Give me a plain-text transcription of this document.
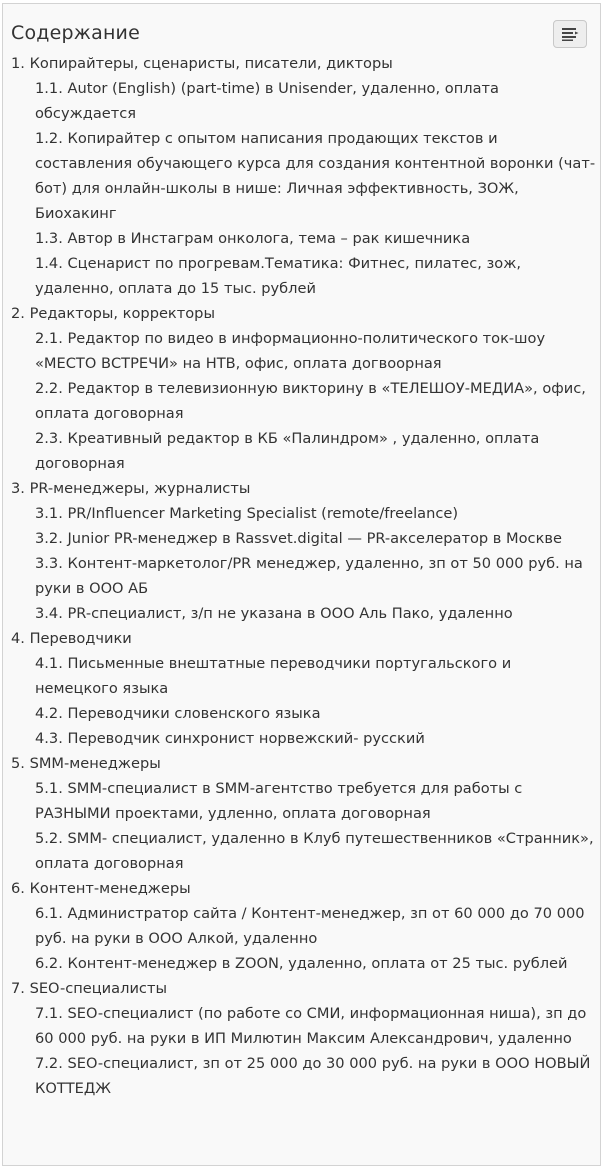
Содержание
1. Копирайтеры, сценаристы, писатели, дикторы
1.1. Autor (English) (part-time) в Unisender, удаленно, оплата обсуждается
1.2. Копирайтер с опытом написания продающих текстов и составления обучающего курса для создания контентной воронки (чат-бот) для онлайн-школы в нише: Личная эффективность, ЗОЖ, Биохакинг
1.3. Автор в Инстаграм онколога, тема – рак кишечника
1.4. Сценарист по прогревам.Тематика: Фитнес, пилатес, зож, удаленно, оплата до 15 тыс. рублей
2. Редакторы, корректоры
2.1. Редактор по видео в информационно-политического ток-шоу «МЕСТО ВСТРЕЧИ» на НТВ, офис, оплата догвоорная
2.2. Редактор в телевизионную викторину в «ТЕЛЕШОУ-МЕДИА», офис, оплата договорная
2.3. Креативный редактор в КБ «Палиндром» , удаленно, оплата договорная
3. PR-менеджеры, журналисты
3.1. PR/Influencer Marketing Specialist (remote/freelance)
3.2. Junior PR-менеджер в Rassvet.digital — PR-акселератор в Москве
3.3. Контент-маркетолог/PR менеджер, удаленно, зп от 50 000 руб. на руки в ООО АБ
3.4. PR-специалист, з/п не указана в ООО Аль Пако, удаленно
4. Переводчики
4.1. Письменные внештатные переводчики португальского и немецкого языка
4.2. Переводчики словенского языка
4.3. Переводчик синхронист норвежский- русский
5. SMM-менеджеры
5.1. SMM-специалист в SMM-агентство требуется для работы с РАЗНЫМИ проектами, удленно, оплата договорная
5.2. SMM- специалист, удаленно в Клуб путешественников «Странник», оплата договорная
6. Контент-менеджеры
6.1. Администратор сайта / Контент-менеджер, зп от 60 000 до 70 000 руб. на руки в ООО Алкой, удаленно
6.2. Контент-менеджер в ZOON, удаленно, оплата от 25 тыс. рублей
7. SEO-специалисты
7.1. SEO-специалист (по работе со СМИ, информационная ниша), зп до 60 000 руб. на руки в ИП Милютин Максим Александрович, удаленно
7.2. SEO-специалист, зп от 25 000 до 30 000 руб. на руки в ООО НОВЫЙ КОТТЕДЖ
